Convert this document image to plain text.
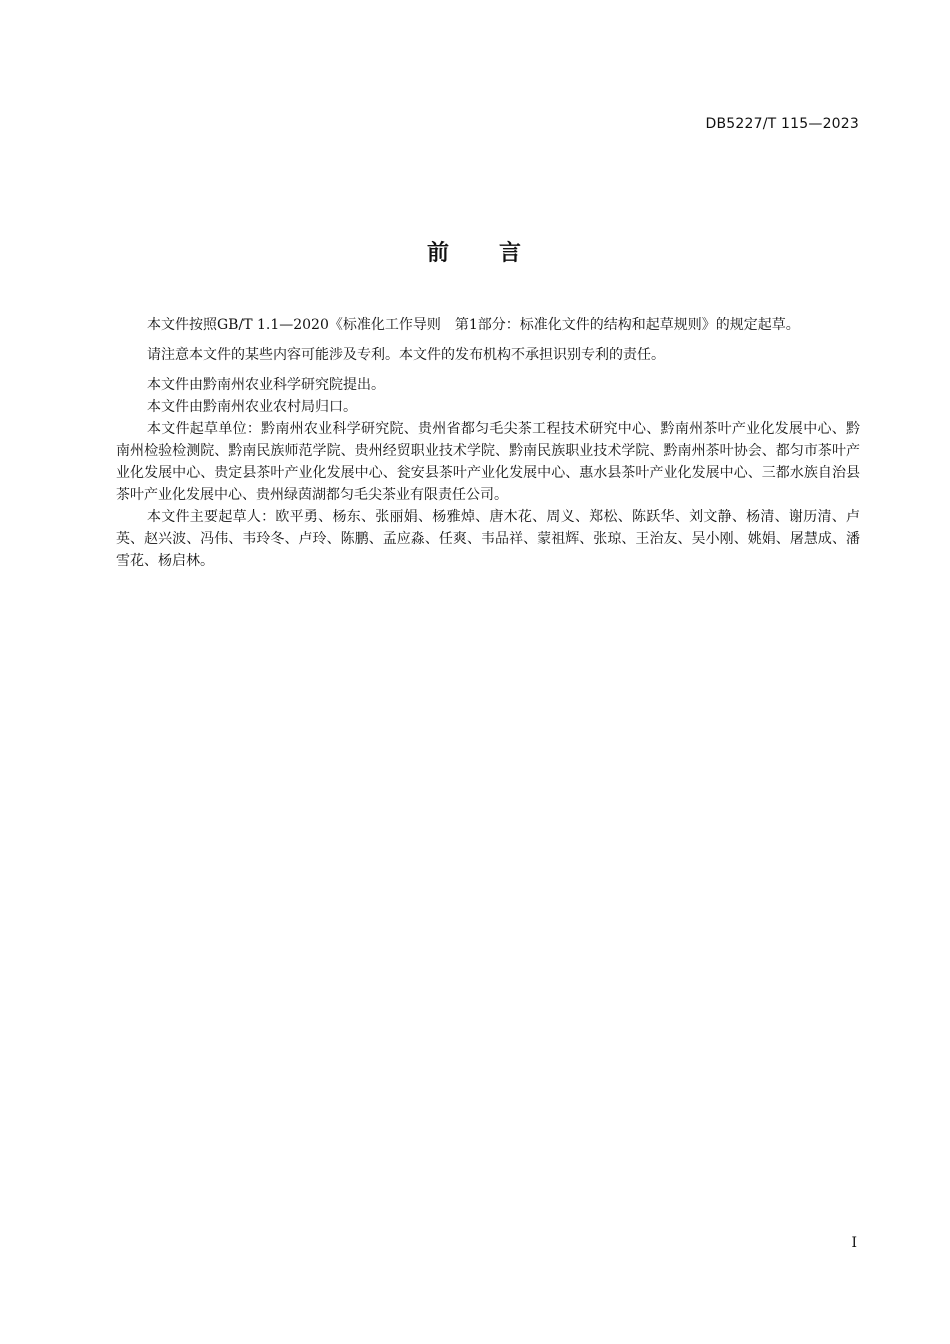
DB5227/T 115—2023
前 言

本文件按照GB/T 1.1—2020《标准化工作导则　第1部分：标准化文件的结构和起草规则》的规定起草。

请注意本文件的某些内容可能涉及专利。本文件的发布机构不承担识别专利的责任。

本文件由黔南州农业科学研究院提出。

本文件由黔南州农业农村局归口。

本文件起草单位：黔南州农业科学研究院、贵州省都匀毛尖茶工程技术研究中心、黔南州茶叶产业化发展中心、黔南州检验检测院、黔南民族师范学院、贵州经贸职业技术学院、黔南民族职业技术学院、黔南州茶叶协会、都匀市茶叶产业化发展中心、贵定县茶叶产业化发展中心、瓮安县茶叶产业化发展中心、惠水县茶叶产业化发展中心、三都水族自治县茶叶产业化发展中心、贵州绿茵湖都匀毛尖茶业有限责任公司。

本文件主要起草人：欧平勇、杨东、张丽娟、杨雅焯、唐木花、周义、郑松、陈跃华、刘文静、杨清、谢历清、卢英、赵兴波、冯伟、韦玲冬、卢玲、陈鹏、孟应淼、任爽、韦品祥、蒙祖辉、张琼、王治友、吴小刚、姚娟、屠慧成、潘雪花、杨启林。

I
